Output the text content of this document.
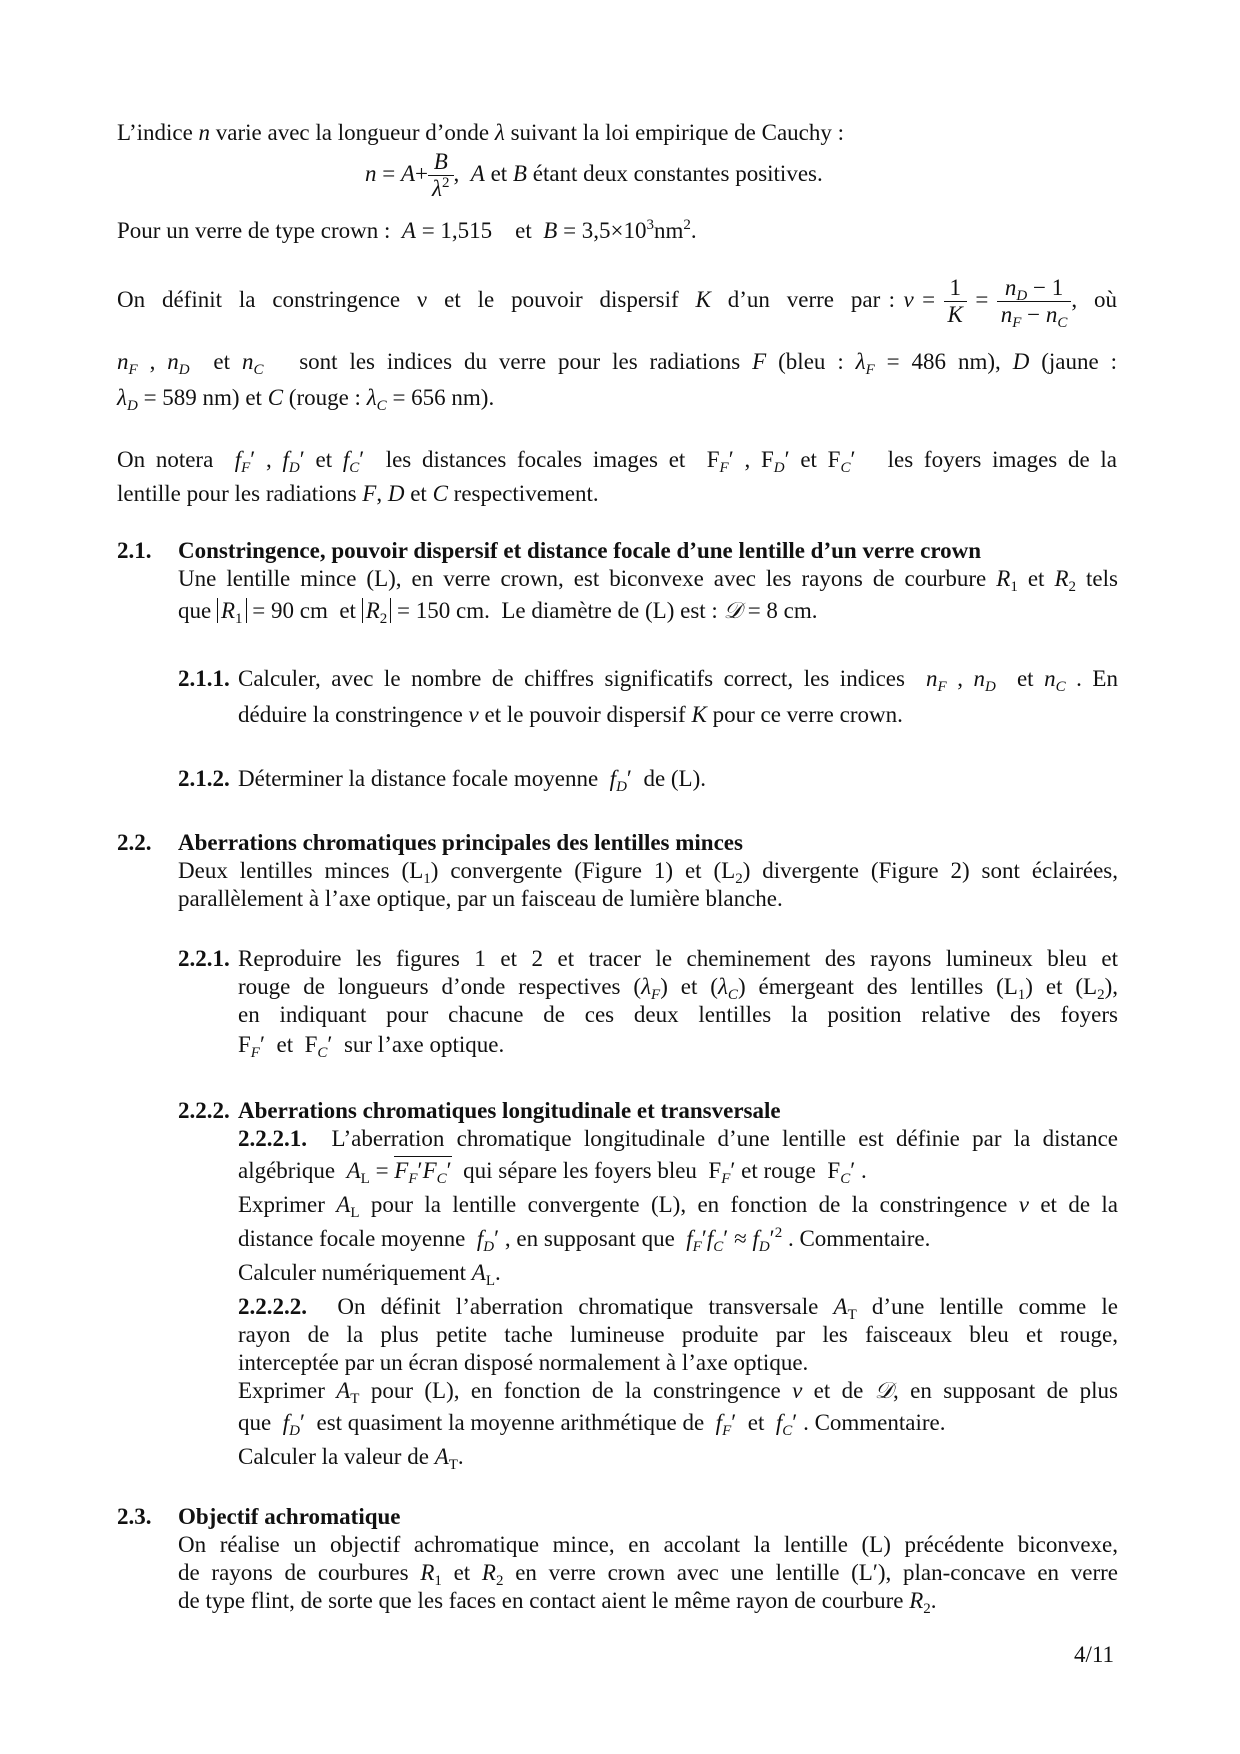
L’indice n varie avec la longueur d’onde λ suivant la loi empirique de Cauchy :
$n = A+ \frac{B}{\lambda^2}$ ,  A et B étant deux constantes positives.
Pour un verre de type crown :  A = 1,515    et  $B = 3,5\times 10^3nm^2$.
On  définit  la  constringence  ν  et  le  pouvoir  dispersif  K  d’un  verre  par : $\nu = \frac{1}{K} = \frac{n_D - 1}{n_F - n_C}$ ,  où
$n_F$ , $n_D$  et $n_C$   sont les indices du verre pour les radiations F (bleu : $\lambda_F = 486$ nm), D (jaune :
$\lambda_D = 589$ nm) et C (rouge : $\lambda_C = 656$ nm).
On notera  $f_F'$ , $f_D'$ et $f_C'$  les distances focales images et  $F_F'$ , $F_D'$ et $F_C'$   les foyers images de la
lentille pour les radiations F, D et C respectivement.
2.1. Constringence, pouvoir dispersif et distance focale d’une lentille d’un verre crown
Une lentille mince (L), en verre crown, est biconvexe avec les rayons de courbure $R_1$ et $R_2$ tels
que $R_1 = 90$ cm  et $R_2 = 150$ cm.  Le diamètre de (L) est : 𝒟 = 8 cm.
2.1.1. Calculer, avec le nombre de chiffres significatifs correct, les indices  $n_F$ , $n_D$  et $n_C$ . En
déduire la constringence ν et le pouvoir dispersif K pour ce verre crown.
2.1.2. Déterminer la distance focale moyenne  $f_D'$  de (L).
2.2. Aberrations chromatiques principales des lentilles minces
Deux lentilles minces $(L_1)$ convergente (Figure 1) et $(L_2)$ divergente (Figure 2) sont éclairées,
parallèlement à l’axe optique, par un faisceau de lumière blanche.
2.2.1. Reproduire les figures 1 et 2 et tracer le cheminement des rayons lumineux bleu et
rouge de longueurs d’onde respectives $(\lambda_F)$ et $(\lambda_C)$ émergeant des lentilles $(L_1)$ et $(L_2)$,
en indiquant pour chacune de ces deux lentilles la position relative des foyers
$F_F'$  et  $F_C'$  sur l’axe optique.
2.2.2. Aberrations chromatiques longitudinale et transversale
2.2.2.1.  L’aberration chromatique longitudinale d’une lentille est définie par la distance
algébrique  $A_L = F_F'F_C'$  qui sépare les foyers bleu  $F_F'$ et rouge  $F_C'$ .
Exprimer $A_L$ pour la lentille convergente (L), en fonction de la constringence ν et de la
distance focale moyenne  $f_D'$ , en supposant que  $f_F'f_C' \approx f_D'^2$ . Commentaire.
Calculer numériquement $A_L$.
2.2.2.2.  On définit l’aberration chromatique transversale $A_T$ d’une lentille comme le
rayon de la plus petite tache lumineuse produite par les faisceaux bleu et rouge,
interceptée par un écran disposé normalement à l’axe optique.
Exprimer $A_T$ pour (L), en fonction de la constringence ν et de 𝒟, en supposant de plus
que  $f_D'$  est quasiment la moyenne arithmétique de  $f_F'$  et  $f_C'$ . Commentaire.
Calculer la valeur de $A_T$.
2.3. Objectif achromatique
On réalise un objectif achromatique mince, en accolant la lentille (L) précédente biconvexe,
de rayons de courbures $R_1$ et $R_2$ en verre crown avec une lentille (L′), plan-concave en verre
de type flint, de sorte que les faces en contact aient le même rayon de courbure $R_2$.
4/11
